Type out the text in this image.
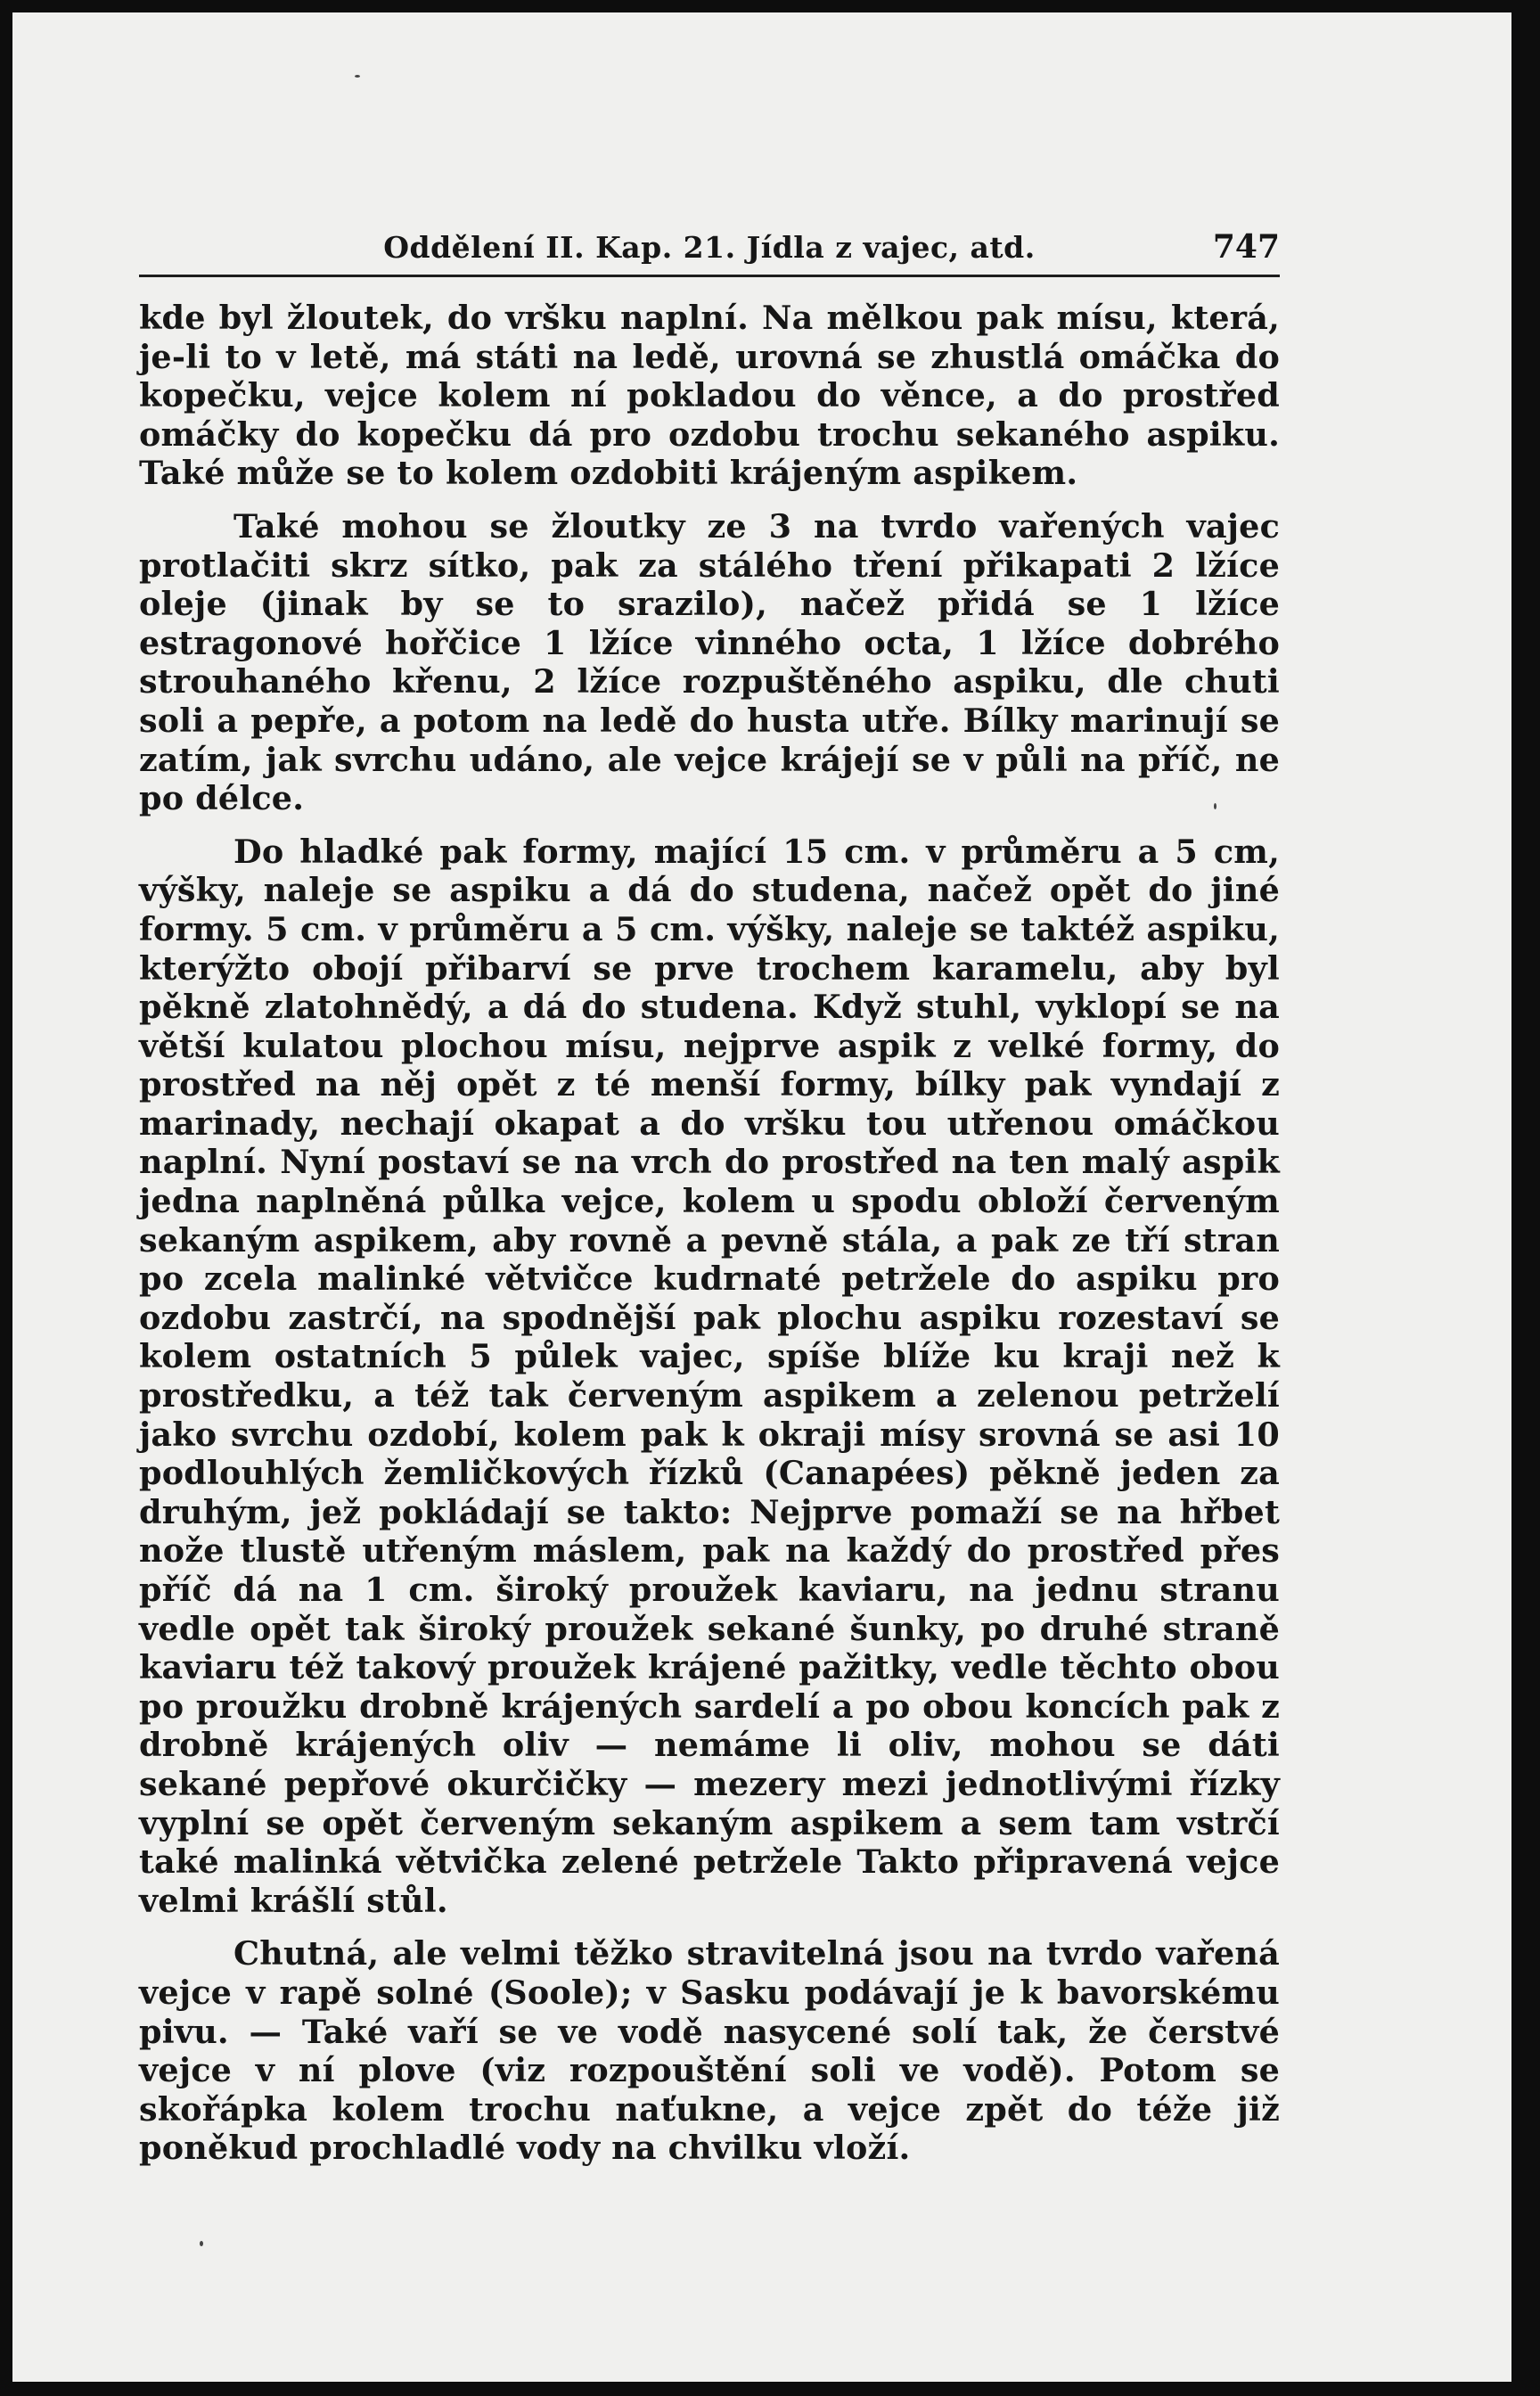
Oddělení II. Kap. 21. Jídla z vajec, atd.	747

kde byl žloutek, do vršku naplní. Na mělkou pak mísu, která, je-li to v letě, má státi na ledě, urovná se zhustlá omáčka do kopečku, vejce kolem ní pokladou do věnce, a do prostřed omáčky do kopečku dá pro ozdobu trochu sekaného aspiku. Také může se to kolem ozdobiti krájeným aspikem.

Také mohou se žloutky ze 3 na tvrdo vařených vajec protlačiti skrz sítko, pak za stálého tření přikapati 2 lžíce oleje (jinak by se to srazilo), načež přidá se 1 lžíce estragonové hořčice 1 lžíce vinného octa, 1 lžíce dobrého strouhaného křenu, 2 lžíce rozpuštěného aspiku, dle chuti soli a pepře, a potom na ledě do husta utře. Bílky marinují se zatím, jak svrchu udáno, ale vejce krájejí se v půli na příč, ne po délce.

Do hladké pak formy, mající 15 cm. v průměru a 5 cm, výšky, naleje se aspiku a dá do studena, načež opět do jiné formy. 5 cm. v průměru a 5 cm. výšky, naleje se taktéž aspiku, kterýžto obojí přibarví se prve trochem karamelu, aby byl pěkně zlatohnědý, a dá do studena. Když stuhl, vyklopí se na větší kulatou plochou mísu, nejprve aspik z velké formy, do prostřed na něj opět z té menší formy, bílky pak vyndají z marinady, nechají okapat a do vršku tou utřenou omáčkou naplní. Nyní postaví se na vrch do prostřed na ten malý aspik jedna naplněná půlka vejce, kolem u spodu obloží červeným sekaným aspikem, aby rovně a pevně stála, a pak ze tří stran po zcela malinké větvičce kudrnaté petržele do aspiku pro ozdobu zastrčí, na spodnější pak plochu aspiku rozestaví se kolem ostatních 5 půlek vajec, spíše blíže ku kraji než k prostředku, a též tak červeným aspikem a zelenou petrželí jako svrchu ozdobí, kolem pak k okraji mísy srovná se asi 10 podlouhlých žemličkových řízků (Canapées) pěkně jeden za druhým, jež pokládají se takto: Nejprve pomaží se na hřbet nože tlustě utřeným máslem, pak na každý do prostřed přes příč dá na 1 cm. široký proužek kaviaru, na jednu stranu vedle opět tak široký proužek sekané šunky, po druhé straně kaviaru též takový proužek krájené pažitky, vedle těchto obou po proužku drobně krájených sardelí a po obou koncích pak z drobně krájených oliv — nemáme li oliv, mohou se dáti sekané pepřové okurčičky — mezery mezi jednotlivými řízky vyplní se opět červeným sekaným aspikem a sem tam vstrčí také malinká větvička zelené petržele Takto připravená vejce velmi krášlí stůl.

Chutná, ale velmi těžko stravitelná jsou na tvrdo vařená vejce v rapě solné (Soole); v Sasku podávají je k bavorskému pivu. — Také vaří se ve vodě nasycené solí tak, že čerstvé vejce v ní plove (viz rozpouštění soli ve vodě). Potom se skořápka kolem trochu naťukne, a vejce zpět do téže již poněkud prochladlé vody na chvilku vloží.
